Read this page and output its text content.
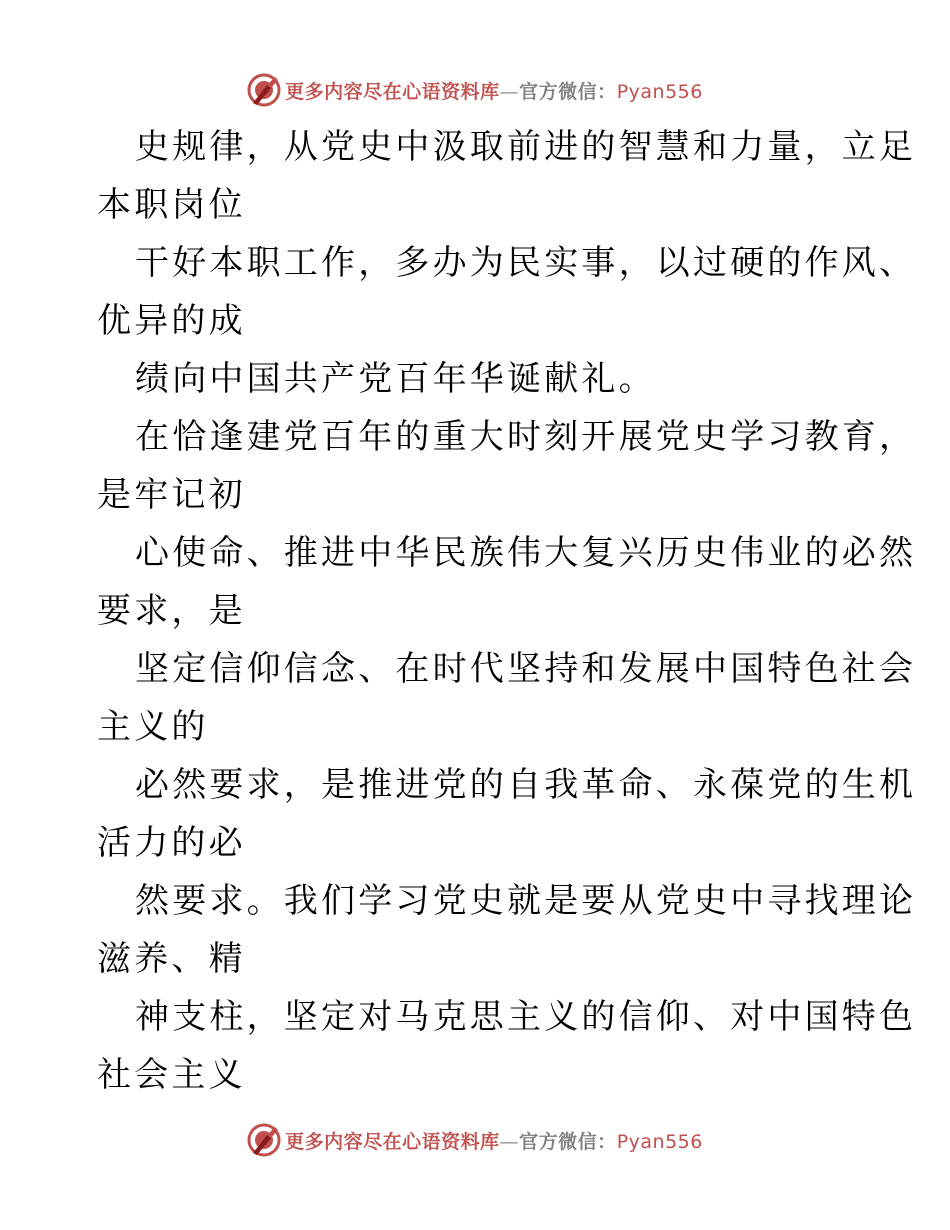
更多内容尽在心语资料库—官方微信：Pyan556
史规律，从党史中汲取前进的智慧和力量，立足
本职岗位
干好本职工作，多办为民实事，以过硬的作风、
优异的成
绩向中国共产党百年华诞献礼。
在恰逢建党百年的重大时刻开展党史学习教育，
是牢记初
心使命、推进中华民族伟大复兴历史伟业的必然
要求，是
坚定信仰信念、在时代坚持和发展中国特色社会
主义的
必然要求，是推进党的自我革命、永葆党的生机
活力的必
然要求。我们学习党史就是要从党史中寻找理论
滋养、精
神支柱，坚定对马克思主义的信仰、对中国特色
社会主义
更多内容尽在心语资料库—官方微信：Pyan556
